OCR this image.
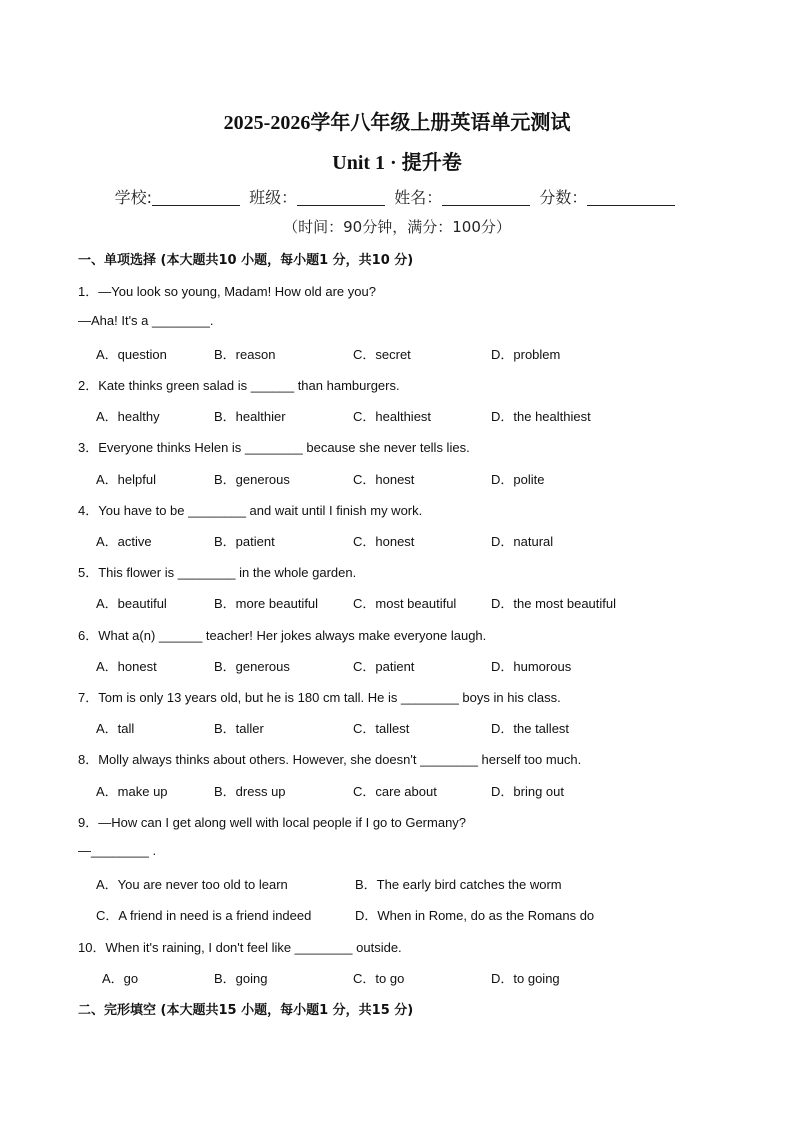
2025-2026学年八年级上册英语单元测试
Unit 1 · 提升卷
学校:	班级：	姓名：	分数：
（时间：90分钟，满分：100分）
一、单项选择 (本大题共10 小题，每小题1 分，共10 分)
1．—You look so young, Madam! How old are you?
—Aha! It's a ________.
A．question	B．reason	C．secret	D．problem
2．Kate thinks green salad is ______ than hamburgers.
A．healthy	B．healthier	C．healthiest	D．the healthiest
3．Everyone thinks Helen is ________ because she never tells lies.
A．helpful	B．generous	C．honest	D．polite
4．You have to be ________ and wait until I finish my work.
A．active	B．patient	C．honest	D．natural
5．This flower is ________ in the whole garden.
A．beautiful	B．more beautiful	C．most beautiful	D．the most beautiful
6．What a(n) ______ teacher! Her jokes always make everyone laugh.
A．honest	B．generous	C．patient	D．humorous
7．Tom is only 13 years old, but he is 180 cm tall. He is ________ boys in his class.
A．tall	B．taller	C．tallest	D．the tallest
8．Molly always thinks about others. However, she doesn't ________ herself too much.
A．make up	B．dress up	C．care about	D．bring out
9．—How can I get along well with local people if I go to Germany?
—________ .
A．You are never too old to learn	B．The early bird catches the worm
C．A friend in need is a friend indeed	D．When in Rome, do as the Romans do
10．When it's raining, I don't feel like ________ outside.
A．go	B．going	C．to go	D．to going
二、完形填空 (本大题共15 小题，每小题1 分，共15 分)
